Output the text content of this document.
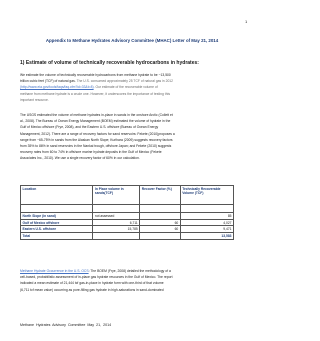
1
Appendix to Methane Hydrates Advisory Committee (MHAC) Letter of May 21, 2014
1) Estimate of volume of technically recoverable hydrocarbons in hydrates:

We estimate the volume of technically recoverable hydrocarbons from methane hydrate to be ~13,500

trillion cubic feet (TCF) of natural gas. The U.S. consumed approximately 25 TCF of natural gas in 2012

(http://www.eia.gov/tools/faqs/faq.cfm?id=33&t=8). Our estimate of the recoverable volume of

methane from methane hydrate is a crude one. However, it underscores the importance of testing this

important resource.

The USGS estimated the volume of methane hydrates in-place in sands in the onshore Arctic (Collett et

al., 2008). The Bureau of Ocean Energy Management (BOEM) estimated the volume of hydrate in the

Gulf of Mexico offshore (Frye, 2008), and the Eastern U.S. offshore (Bureau of Ocean Energy

Management, 2012). There are a range of recovery factors for sand reservoirs: Fekete (2010)proposes a

range from ~65-75% in sands from the Alaskan North Slope; Kurihara (2009) suggests recovery factors

from 35% to 86% in sand reservoirs in the Nankai trough, offshore Japan; and Fekete (2010) suggests

recovery rates from 60 to 74% in offshore marine hydrate deposits in the Gulf of Mexico (Fekete

Associates Inc., 2010). We use a single recovery factor of 60% in our calculation.

Location	In Place volume in sands(TCF)	Recover Factor (%)	Technically Recoverable Volume (TCF)

North Slope (in sand)	not assessed		85
Gulf of Mexico offshore	6,711	60	4,027
Eastern U.S. offshore	15,785	60	9,471
Total			13,583

Methane Hydrate Occurrence in the U.S. OCS: The BOEM (Frye, 2008) detailed the methodology of a

cell-based, probabilistic assessment of in-place gas hydrate resources in the Gulf of Mexico. The report

indicated a mean estimate of 21,444 tcf gas-in-place in hydrate form with one-third of that volume

(6,711 tcf mean value) occurring as pore-filling gas hydrate in high-saturations in sand-dominated

Methane Hydrates Advisory Committee May 21, 2014
